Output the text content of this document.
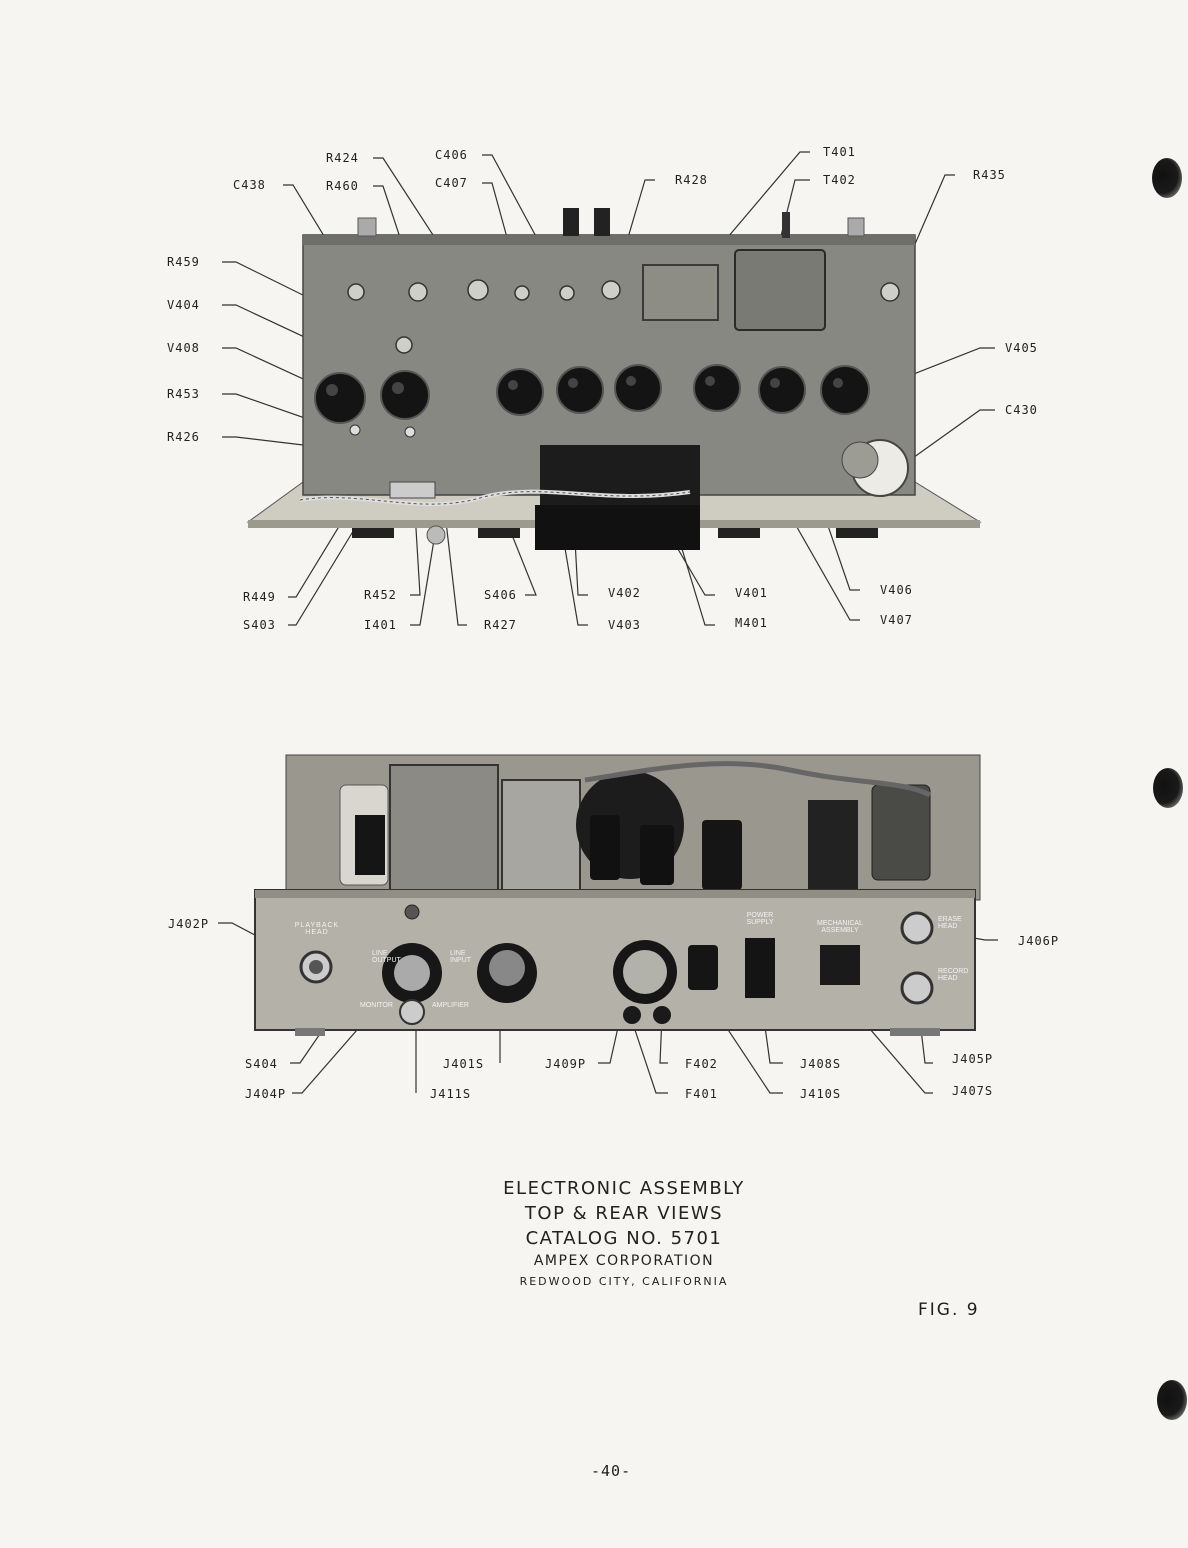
C438
R424
R460
C406
C407	R428
T401
T402	R435
R459
V404
V408
R453
R426
V405
C430
R449
S403
R452
I401	R427
S406	V402
V403
V401
M401
V406
V407
PLAYBACK HEAD
LINE OUTPUT
LINE INPUT
MONITOR	AMPLIFIER
POWER SUPPLY	MECHANICAL ASSEMBLY
ERASE HEAD
RECORD HEAD
J402P
J406P
S404
J404P	J411S
J401S	J409P	F402
F401
J408S
J410S
J405P
J407S
ELECTRONIC ASSEMBLY
TOP & REAR VIEWS
CATALOG NO. 5701
AMPEX CORPORATION
REDWOOD CITY, CALIFORNIA
FIG. 9
-40-
